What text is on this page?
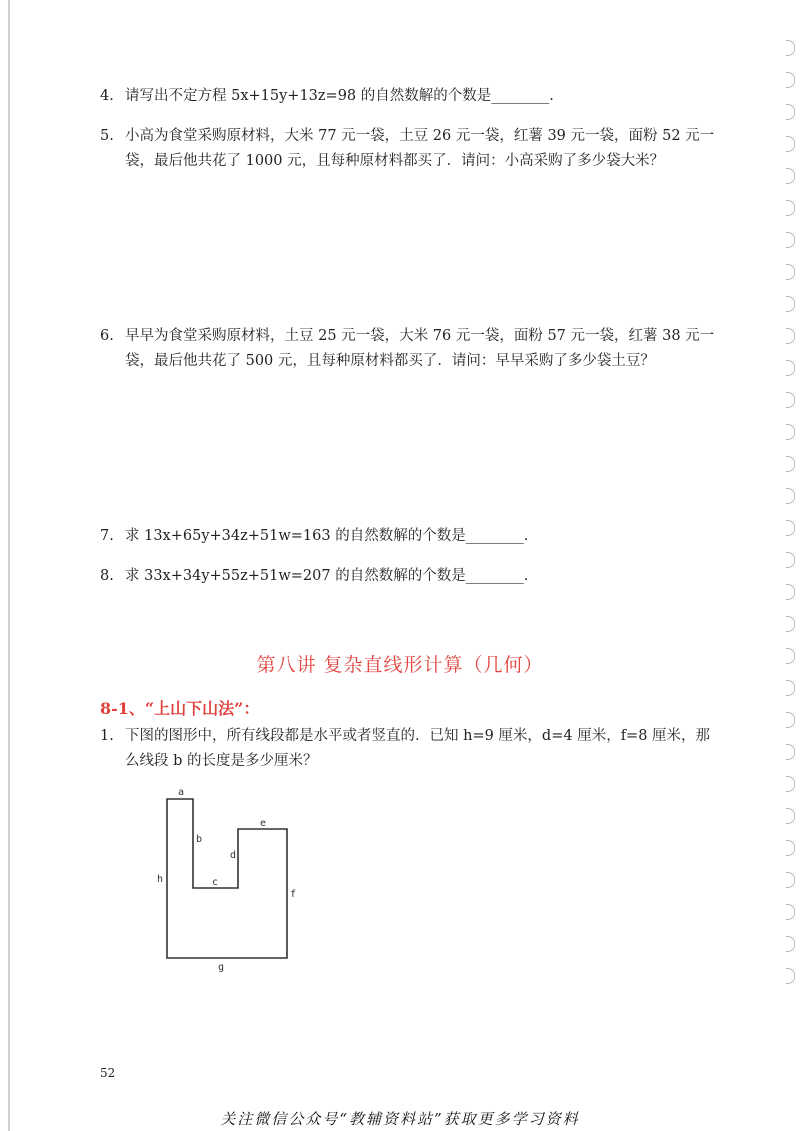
4. 请写出不定方程 5x+15y+13z=98 的自然数解的个数是________.
5. 小高为食堂采购原材料，大米 77 元一袋，土豆 26 元一袋，红薯 39 元一袋，面粉 52 元一袋，最后他共花了 1000 元，且每种原材料都买了．请问：小高采购了多少袋大米？
6. 早早为食堂采购原材料，土豆 25 元一袋，大米 76 元一袋，面粉 57 元一袋，红薯 38 元一袋，最后他共花了 500 元，且每种原材料都买了．请问：早早采购了多少袋土豆？
7. 求 13x+65y+34z+51w=163 的自然数解的个数是________.
8. 求 33x+34y+55z+51w=207 的自然数解的个数是________.
第八讲 复杂直线形计算（几何）
8-1、“上山下山法”：
1. 下图的图形中，所有线段都是水平或者竖直的．已知 h=9 厘米，d=4 厘米，f=8 厘米，那么线段 b 的长度是多少厘米？
a
b
c
d
e
f
g
h
52
关注微信公众号“教辅资料站”获取更多学习资料
